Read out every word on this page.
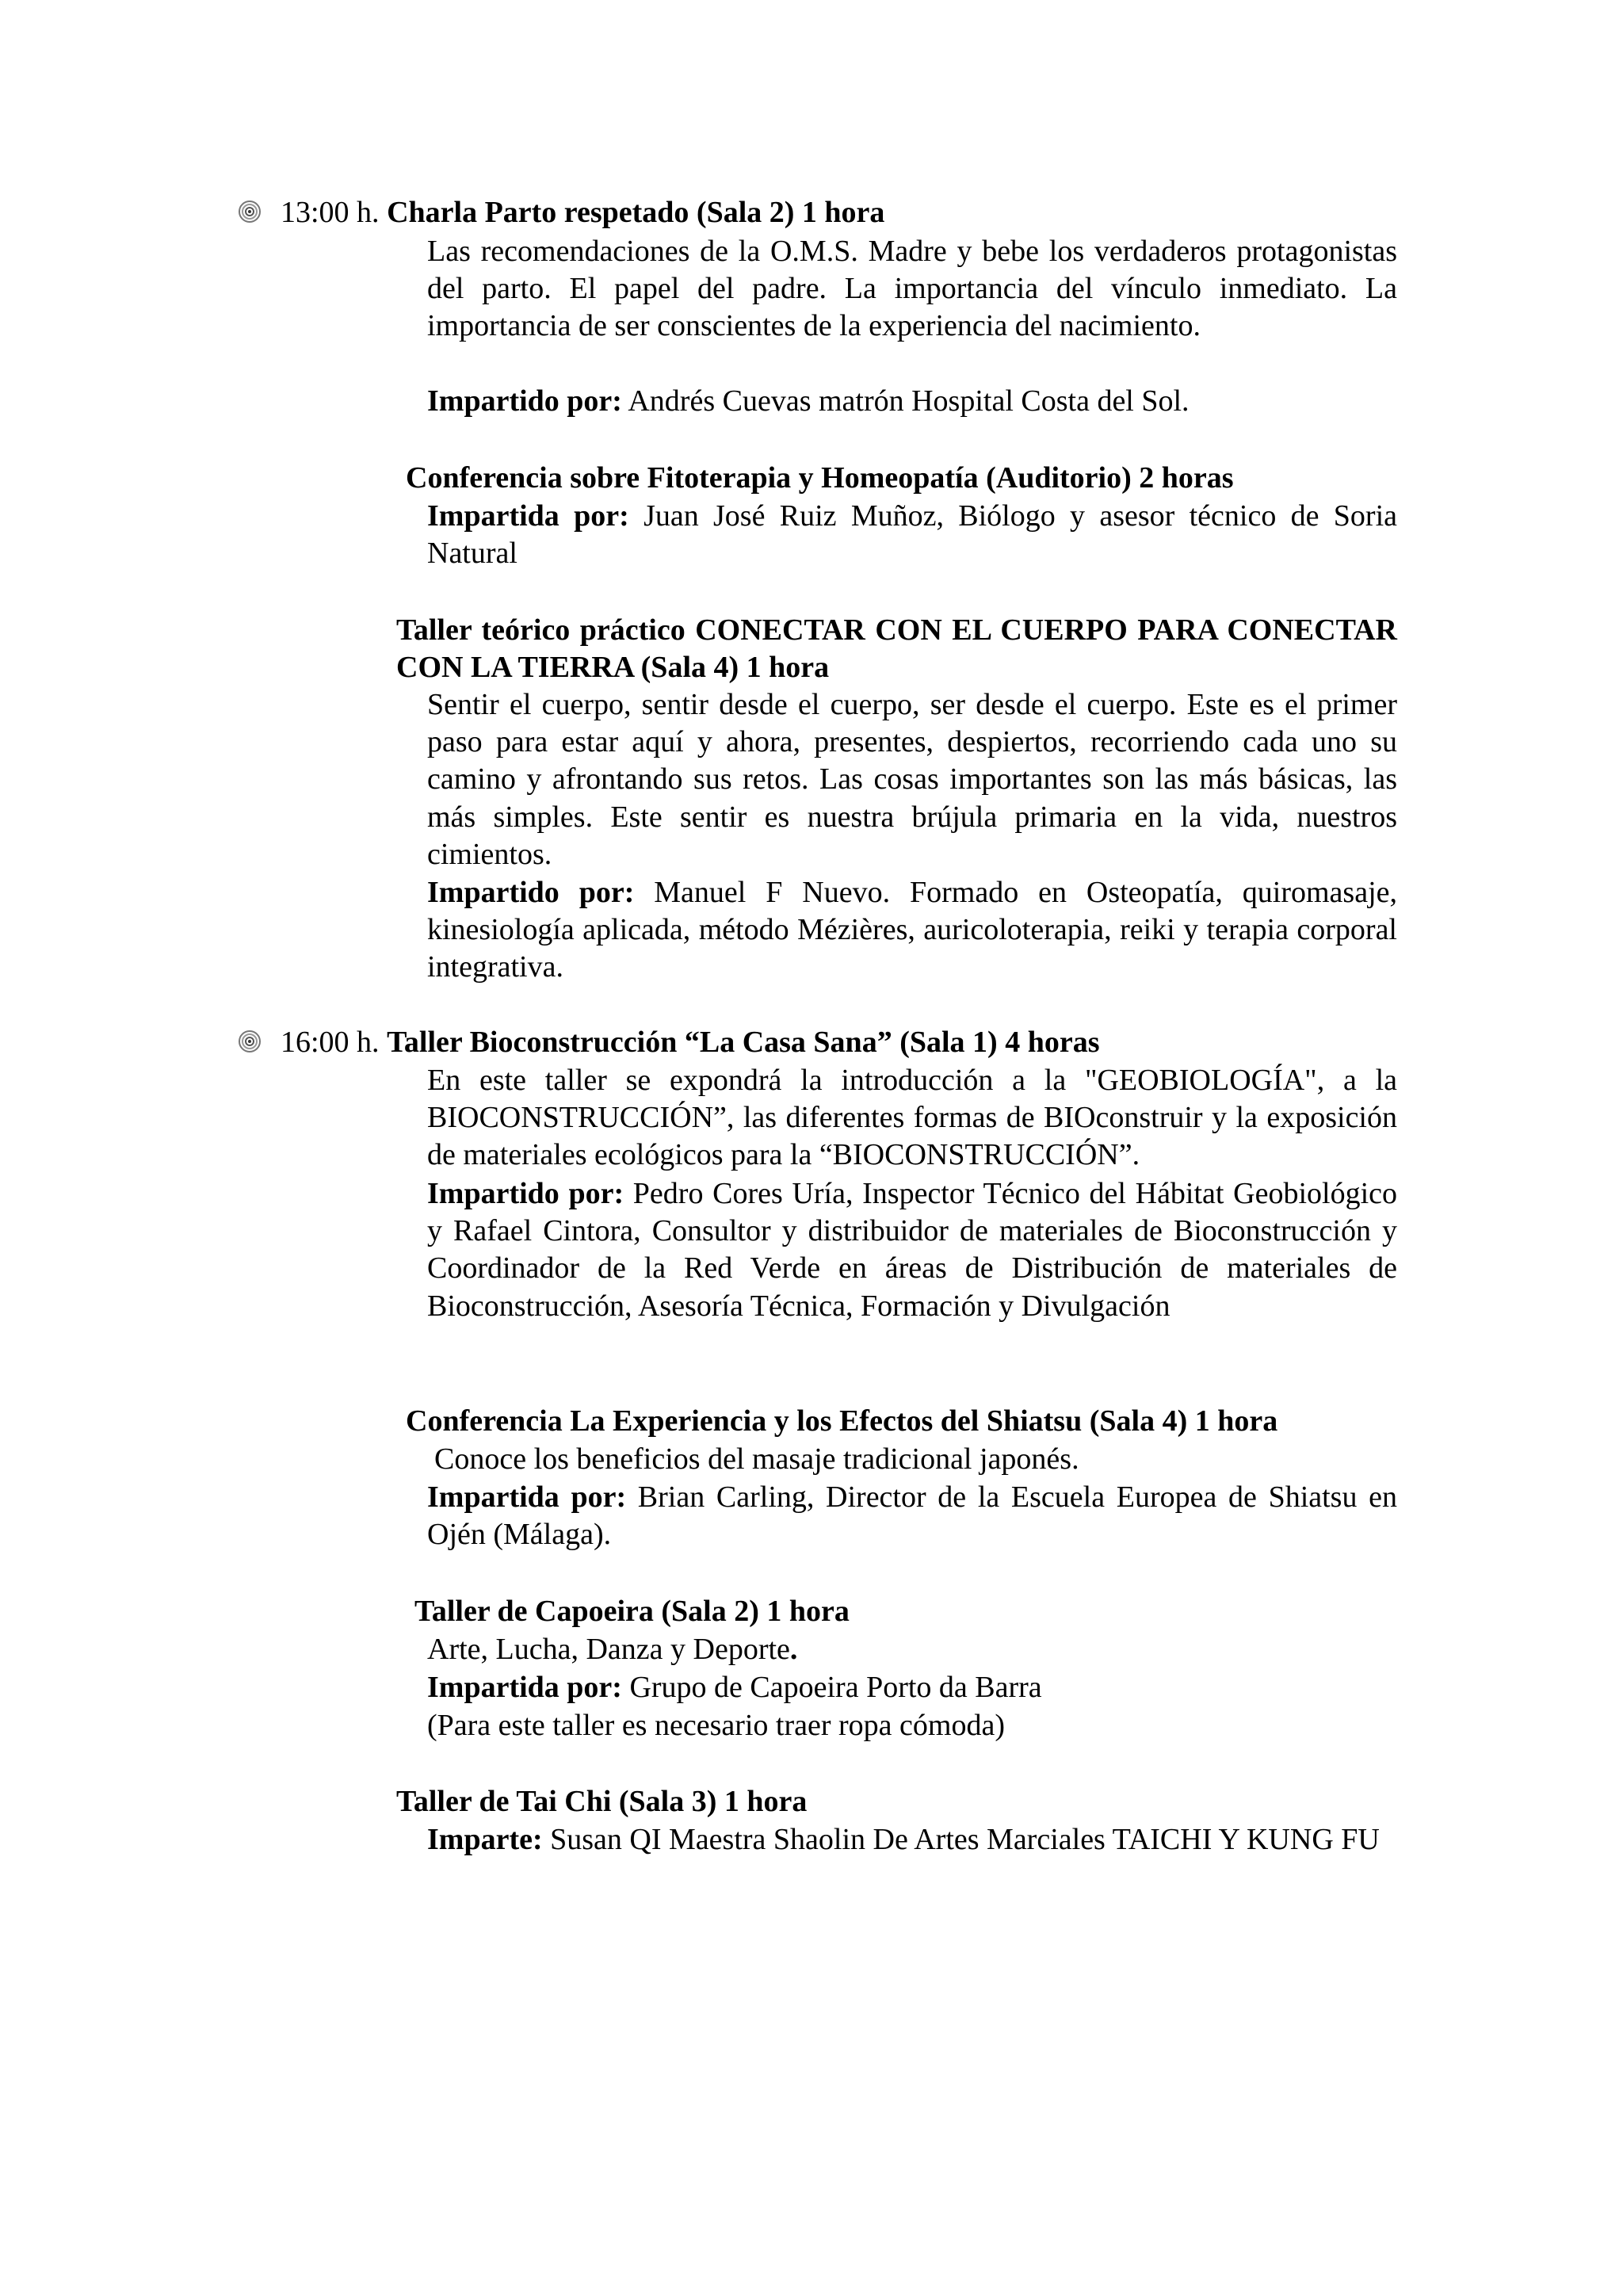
13:00 h. Charla Parto respetado (Sala 2) 1 hora
Las recomendaciones de la O.M.S. Madre y bebe los verdaderos protagonistas del parto. El papel del padre. La importancia del vínculo inmediato. La importancia de ser conscientes de la experiencia del nacimiento.
Impartido por: Andrés Cuevas matrón Hospital Costa del Sol.
Conferencia sobre Fitoterapia y Homeopatía (Auditorio) 2 horas
Impartida por: Juan José Ruiz Muñoz, Biólogo y asesor técnico de Soria Natural
Taller teórico práctico CONECTAR CON EL CUERPO PARA CONECTAR CON LA TIERRA (Sala 4) 1 hora
Sentir el cuerpo, sentir desde el cuerpo, ser desde el cuerpo. Este es el primer paso para estar aquí y ahora, presentes, despiertos, recorriendo cada uno su camino y afrontando sus retos. Las cosas importantes son las más básicas, las más simples. Este sentir es nuestra brújula primaria en la vida, nuestros cimientos.
Impartido por: Manuel F Nuevo. Formado en Osteopatía, quiromasaje, kinesiología aplicada, método Mézières, auricoloterapia, reiki y terapia corporal integrativa.
16:00 h. Taller Bioconstrucción “La Casa Sana” (Sala 1) 4 horas
En este taller se expondrá la introducción a la "GEOBIOLOGÍA", a la BIOCONSTRUCCIÓN”, las diferentes formas de BIOconstruir y la exposición de materiales ecológicos para la “BIOCONSTRUCCIÓN”.
Impartido por: Pedro Cores Uría, Inspector Técnico del Hábitat Geobiológico y Rafael Cintora, Consultor y distribuidor de materiales de Bioconstrucción y Coordinador de la Red Verde en áreas de Distribución de materiales de Bioconstrucción, Asesoría Técnica, Formación y Divulgación
Conferencia La Experiencia y los Efectos del Shiatsu (Sala 4) 1 hora
Conoce los beneficios del masaje tradicional japonés.
Impartida por: Brian Carling, Director de la Escuela Europea de Shiatsu en Ojén (Málaga).
Taller de Capoeira (Sala 2) 1 hora
Arte, Lucha, Danza y Deporte.
Impartida por: Grupo de Capoeira Porto da Barra
(Para este taller es necesario traer ropa cómoda)
Taller de Tai Chi (Sala 3) 1 hora
Imparte: Susan QI Maestra Shaolin De Artes Marciales TAICHI Y KUNG FU
